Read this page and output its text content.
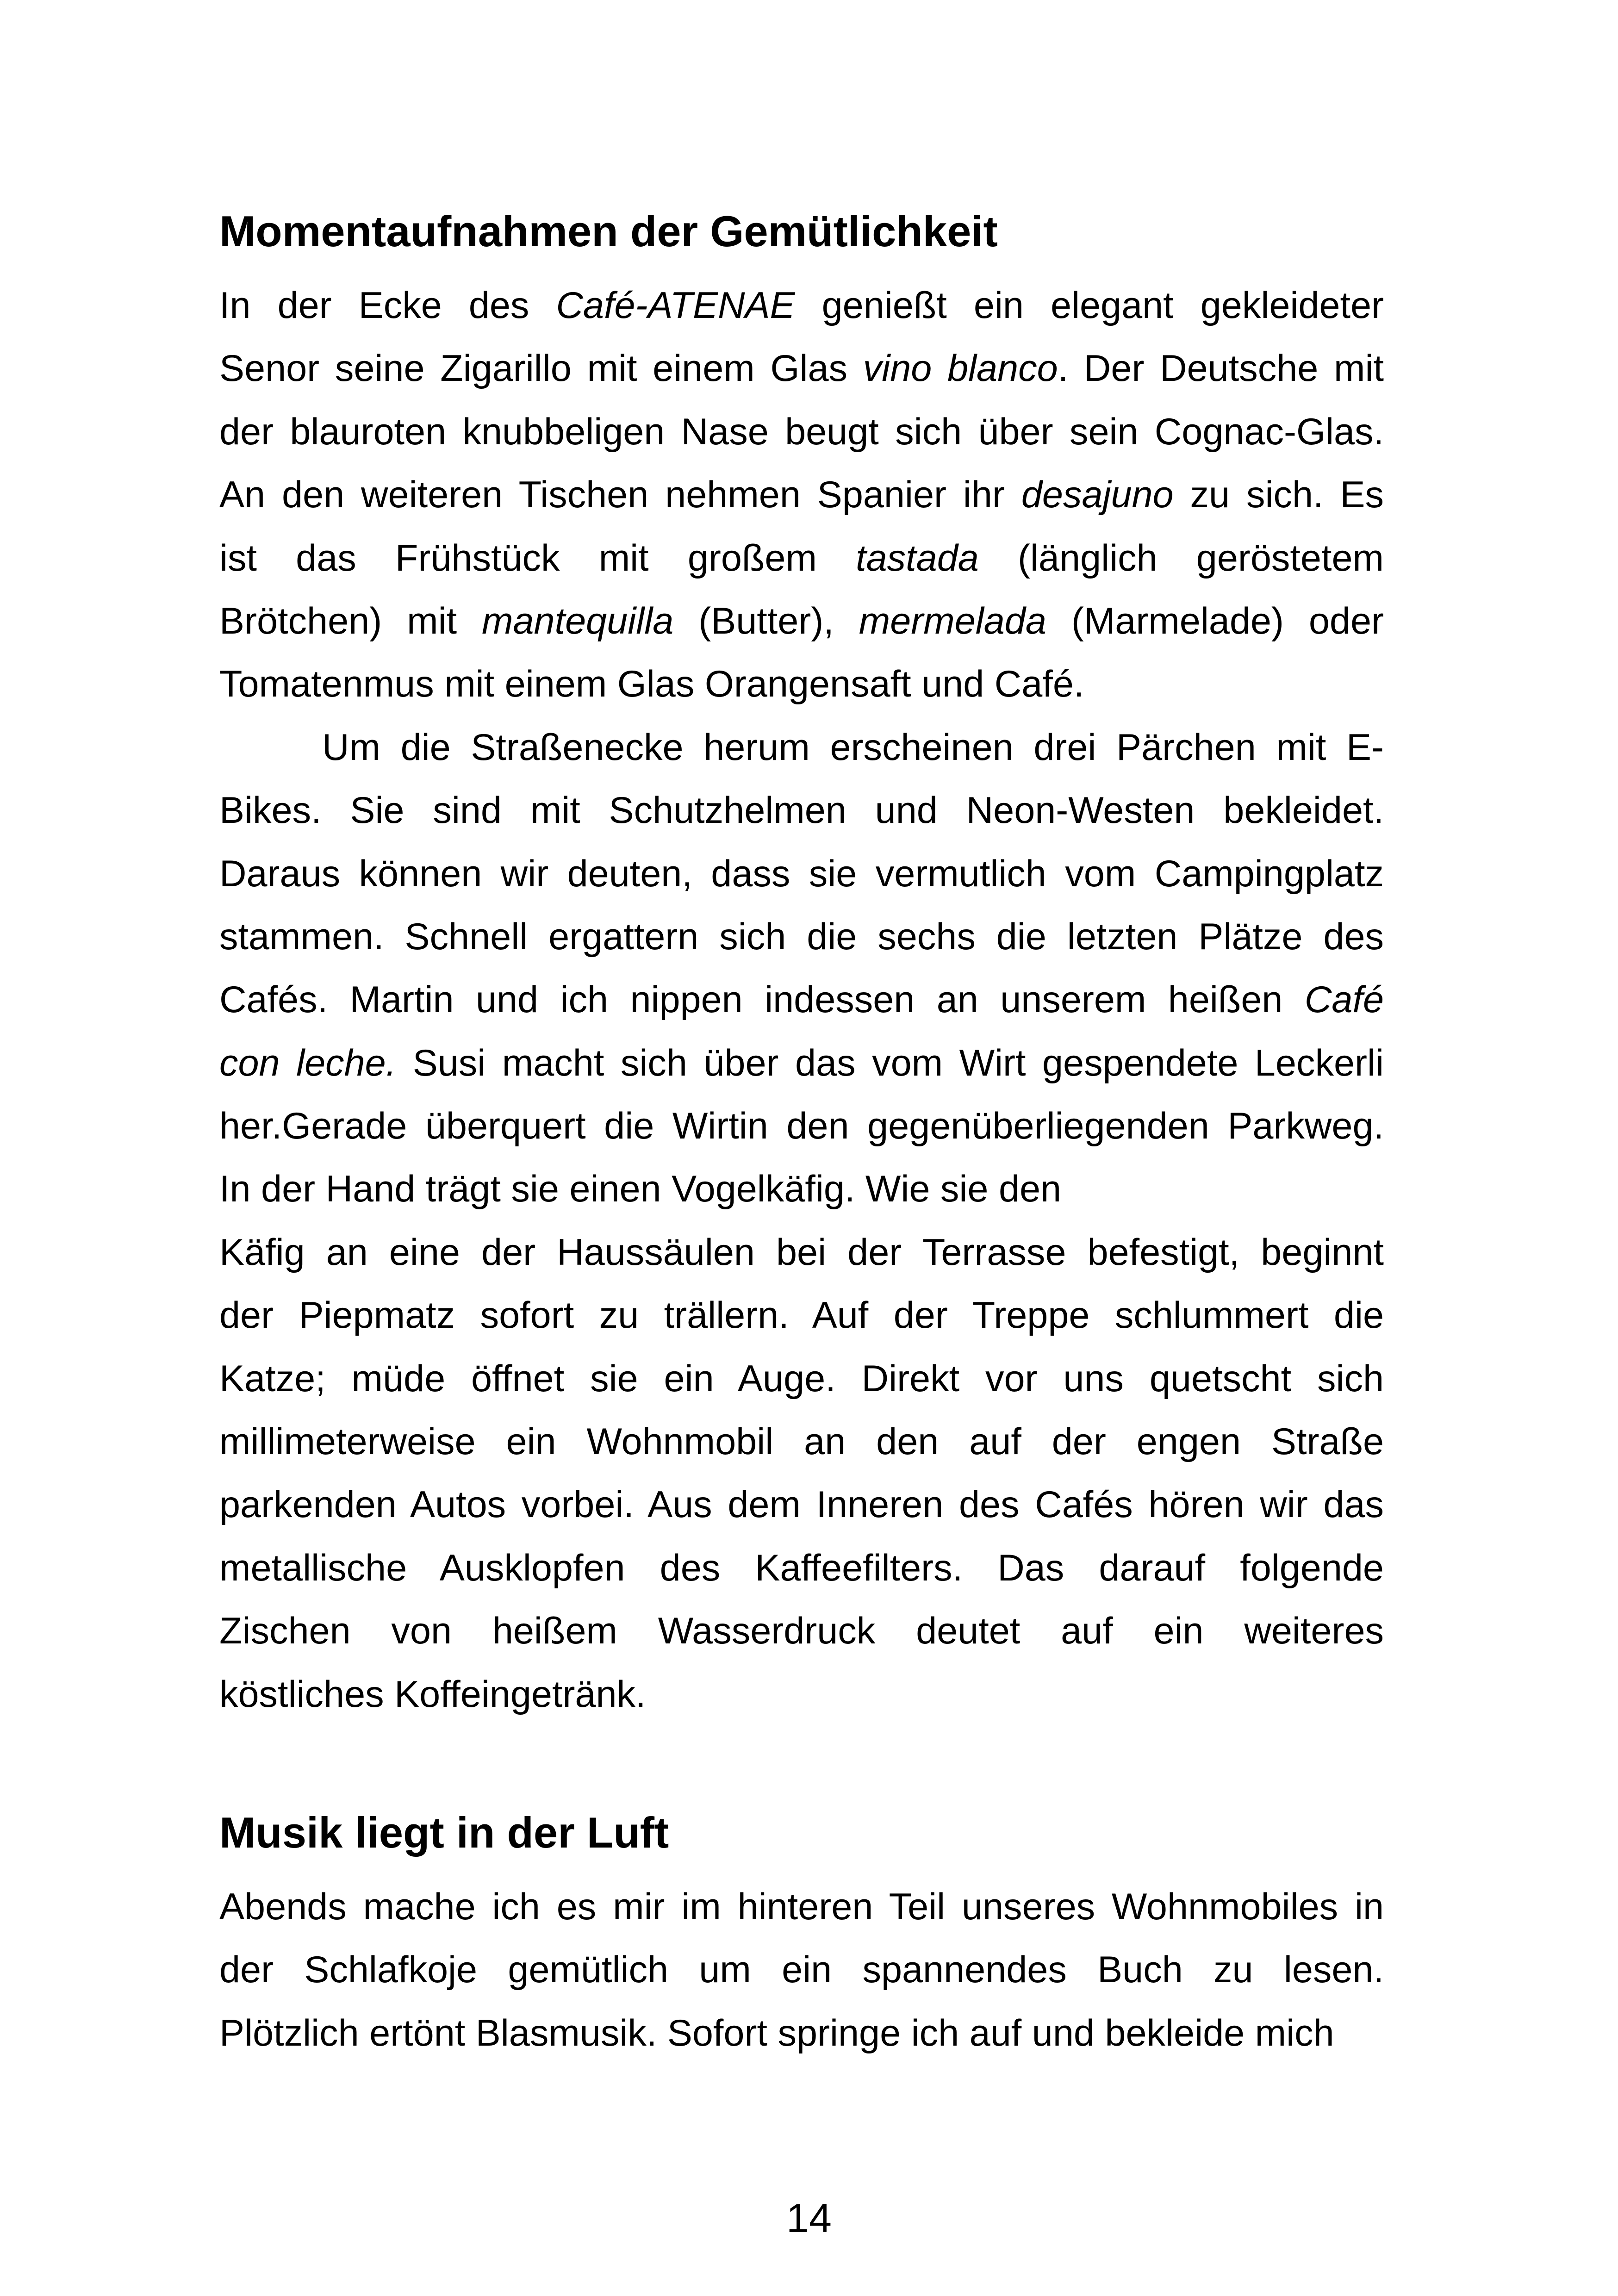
Momentaufnahmen der Gemütlichkeit
In der Ecke des Café-ATENAE genießt ein elegant gekleideter
Senor seine Zigarillo mit einem Glas vino blanco. Der Deutsche mit
der blauroten knubbeligen Nase beugt sich über sein Cognac-Glas.
An den weiteren Tischen nehmen Spanier ihr desajuno zu sich. Es
ist das Frühstück mit großem tastada (länglich geröstetem
Brötchen) mit mantequilla (Butter), mermelada (Marmelade) oder
Tomatenmus mit einem Glas Orangensaft und Café.
Um die Straßenecke herum erscheinen drei Pärchen mit E-
Bikes. Sie sind mit Schutzhelmen und Neon-Westen bekleidet.
Daraus können wir deuten, dass sie vermutlich vom Campingplatz
stammen. Schnell ergattern sich die sechs die letzten Plätze des
Cafés. Martin und ich nippen indessen an unserem heißen Café
con leche. Susi macht sich über das vom Wirt gespendete Leckerli
her.Gerade überquert die Wirtin den gegenüberliegenden Parkweg.
In der Hand trägt sie einen Vogelkäfig. Wie sie den
Käfig an eine der Haussäulen bei der Terrasse befestigt, beginnt
der Piepmatz sofort zu trällern. Auf der Treppe schlummert die
Katze; müde öffnet sie ein Auge. Direkt vor uns quetscht sich
millimeterweise ein Wohnmobil an den auf der engen Straße
parkenden Autos vorbei. Aus dem Inneren des Cafés hören wir das
metallische Ausklopfen des Kaffeefilters. Das darauf folgende
Zischen von heißem Wasserdruck deutet auf ein weiteres
köstliches Koffeingetränk.
Musik liegt in der Luft
Abends mache ich es mir im hinteren Teil unseres Wohnmobiles in
der Schlafkoje gemütlich um ein spannendes Buch zu lesen.
Plötzlich ertönt Blasmusik. Sofort springe ich auf und bekleide mich
14
